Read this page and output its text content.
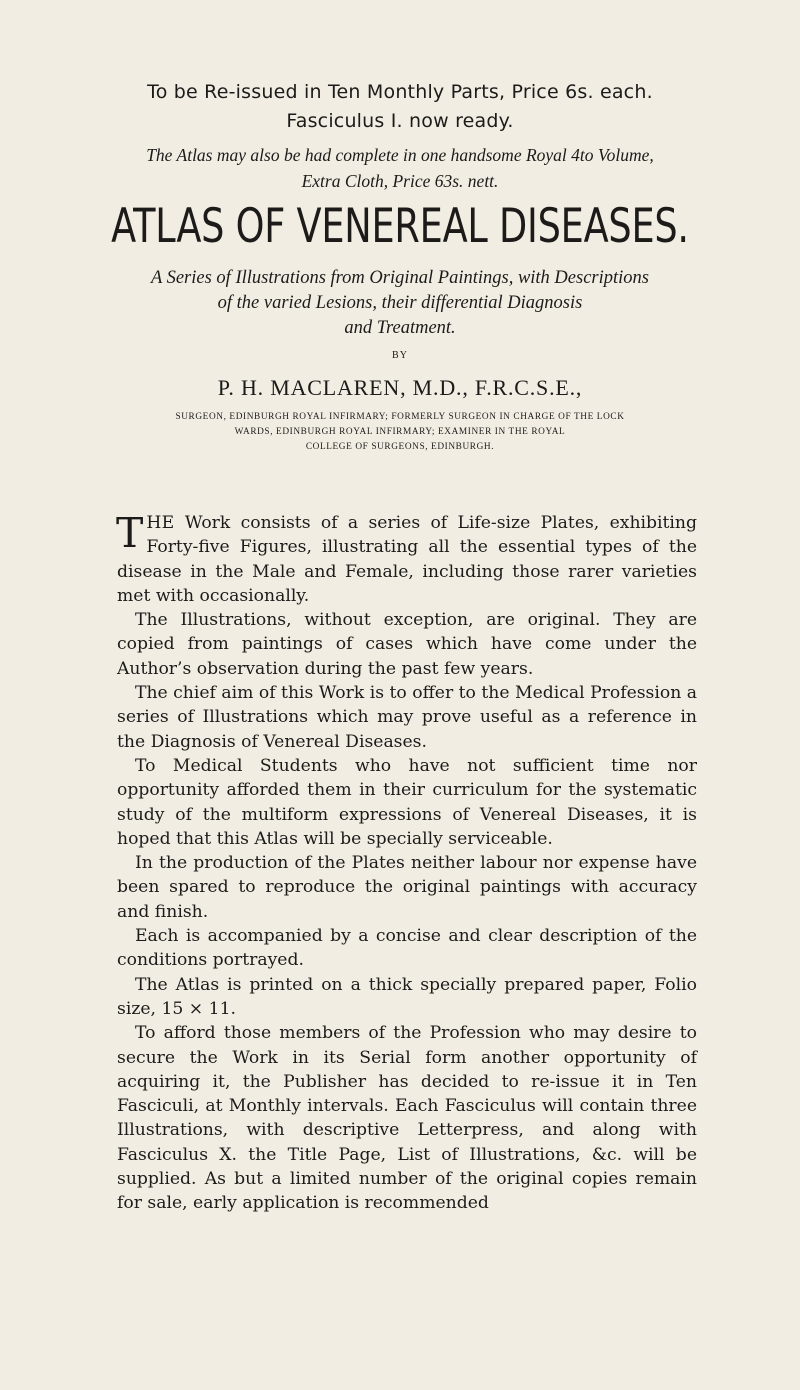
To be Re-issued in Ten Monthly Parts, Price 6s. each.
Fasciculus I. now ready.
The Atlas may also be had complete in one handsome Royal 4to Volume,
Extra Cloth, Price 63s. nett.
ATLAS OF VENEREAL DISEASES.
A Series of Illustrations from Original Paintings, with Descriptions
of the varied Lesions, their differential Diagnosis
and Treatment.
BY
P. H. MACLAREN, M.D., F.R.C.S.E.,
SURGEON, EDINBURGH ROYAL INFIRMARY; FORMERLY SURGEON IN CHARGE OF THE LOCK
WARDS, EDINBURGH ROYAL INFIRMARY; EXAMINER IN THE ROYAL
COLLEGE OF SURGEONS, EDINBURGH.

THE Work consists of a series of Life-size Plates, exhibiting Forty-five Figures, illustrating all the essential types of the disease in the Male and Female, including those rarer varieties met with occasionally.

The Illustrations, without exception, are original. They are copied from paintings of cases which have come under the Author’s observation during the past few years.

The chief aim of this Work is to offer to the Medical Profession a series of Illustrations which may prove useful as a reference in the Diagnosis of Venereal Diseases.

To Medical Students who have not sufficient time nor opportunity afforded them in their curriculum for the systematic study of the multiform expressions of Venereal Diseases, it is hoped that this Atlas will be specially serviceable.

In the production of the Plates neither labour nor expense have been spared to reproduce the original paintings with accuracy and finish.

Each is accompanied by a concise and clear description of the conditions portrayed.

The Atlas is printed on a thick specially prepared paper, Folio size, 15 × 11.

To afford those members of the Profession who may desire to secure the Work in its Serial form another opportunity of acquiring it, the Publisher has decided to re-issue it in Ten Fasciculi, at Monthly intervals. Each Fasciculus will contain three Illustrations, with descriptive Letterpress, and along with Fasciculus X. the Title Page, List of Illustrations, &c. will be supplied. As but a limited number of the original copies remain for sale, early application is recommended
